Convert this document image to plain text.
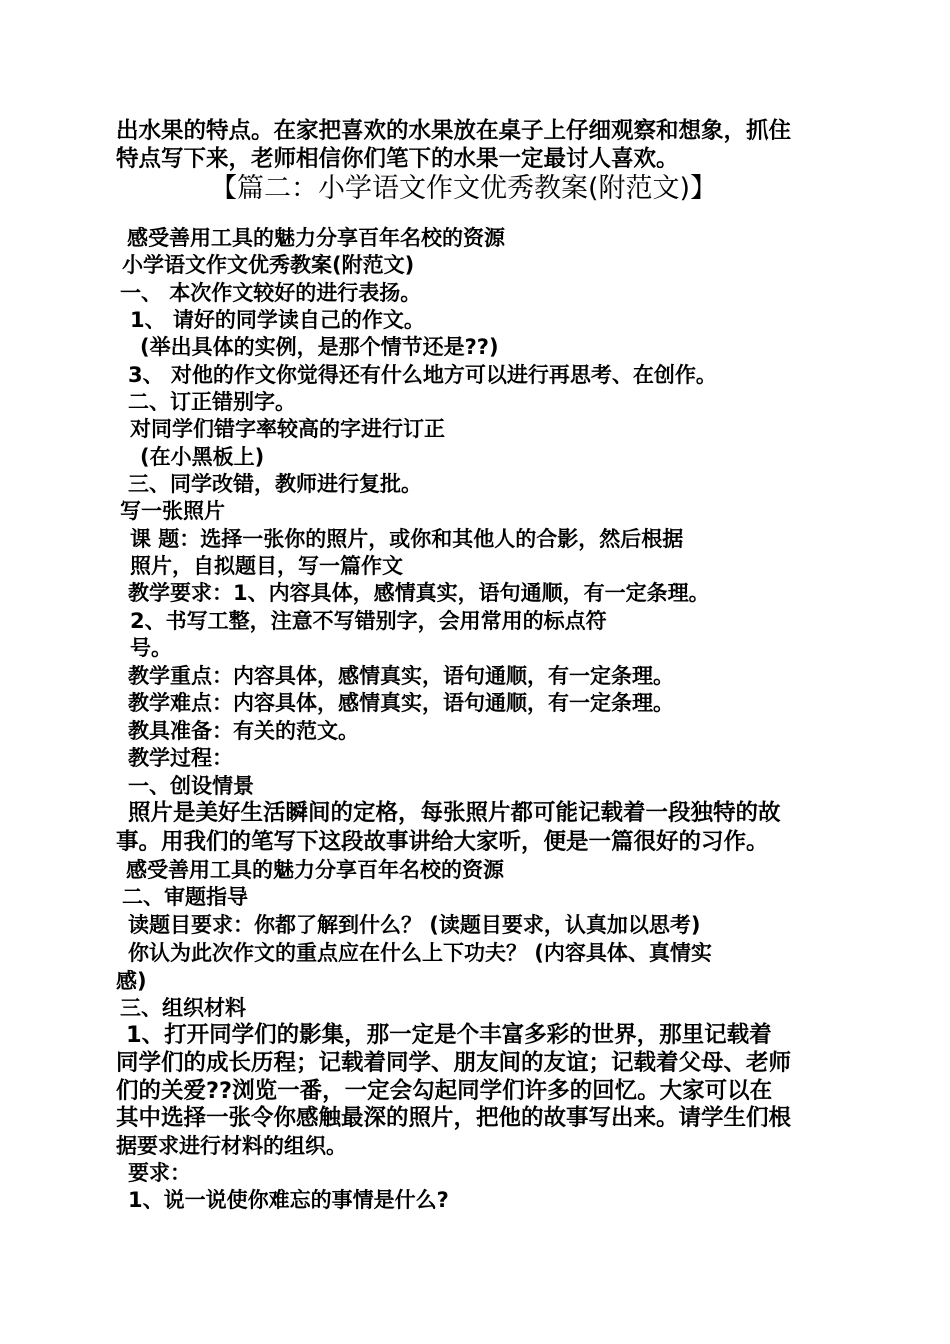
出水果的特点。在家把喜欢的水果放在桌子上仔细观察和想象，抓住
特点写下来，老师相信你们笔下的水果一定最讨人喜欢。
【篇二：小学语文作文优秀教案(附范文)】
感受善用工具的魅力分享百年名校的资源
小学语文作文优秀教案(附范文)
一、 本次作文较好的进行表扬。
1、 请好的同学读自己的作文。
(举出具体的实例，是那个情节还是??)
3、 对他的作文你觉得还有什么地方可以进行再思考、在创作。
二、订正错别字。
对同学们错字率较高的字进行订正
(在小黑板上)
三、同学改错，教师进行复批。
写一张照片
课 题：选择一张你的照片，或你和其他人的合影，然后根据
照片，自拟题目，写一篇作文
教学要求：1、内容具体，感情真实，语句通顺，有一定条理。
2、书写工整，注意不写错别字，会用常用的标点符
号。
教学重点：内容具体，感情真实，语句通顺，有一定条理。
教学难点：内容具体，感情真实，语句通顺，有一定条理。
教具准备：有关的范文。
教学过程：
一、创设情景
照片是美好生活瞬间的定格，每张照片都可能记载着一段独特的故
事。用我们的笔写下这段故事讲给大家听，便是一篇很好的习作。
感受善用工具的魅力分享百年名校的资源
二、审题指导
读题目要求：你都了解到什么？ (读题目要求，认真加以思考)
你认为此次作文的重点应在什么上下功夫？ (内容具体、真情实
感)
三、组织材料
1、打开同学们的影集，那一定是个丰富多彩的世界，那里记载着
同学们的成长历程；记载着同学、朋友间的友谊；记载着父母、老师
们的关爱??浏览一番，一定会勾起同学们许多的回忆。大家可以在
其中选择一张令你感触最深的照片，把他的故事写出来。请学生们根
据要求进行材料的组织。
要求：
1、说一说使你难忘的事情是什么?
